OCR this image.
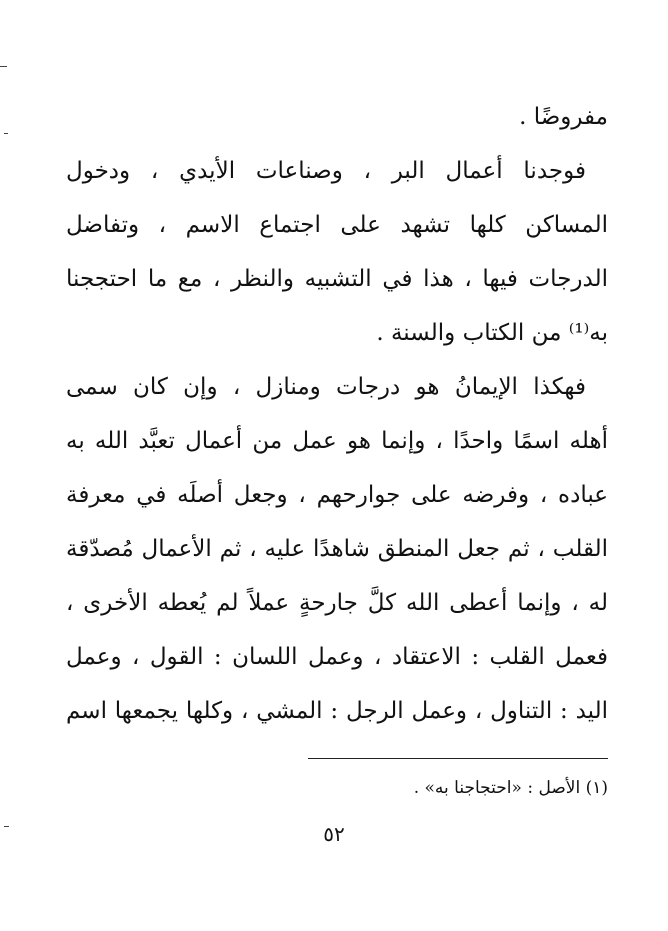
مفروضًا .
فوجدنا أعمال البر ، وصناعات الأيدي ، ودخول
المساكن كلها تشهد على اجتماع الاسم ، وتفاضل
الدرجات فيها ، هذا في التشبيه والنظر ، مع ما احتججنا
به⁽¹⁾ من الكتاب والسنة .
فهكذا الإيمانُ هو درجات ومنازل ، وإن كان سمى
أهله اسمًا واحدًا ، وإنما هو عمل من أعمال تعبَّد الله به
عباده ، وفرضه على جوارحهم ، وجعل أصلَه في معرفة
القلب ، ثم جعل المنطق شاهدًا عليه ، ثم الأعمال مُصدّقة
له ، وإنما أعطى الله كلَّ جارحةٍ عملاً لم يُعطه الأخرى ،
فعمل القلب : الاعتقاد ، وعمل اللسان : القول ، وعمل
اليد : التناول ، وعمل الرجل : المشي ، وكلها يجمعها اسم
(١) الأصل : «احتجاجنا به» .
٥٢
